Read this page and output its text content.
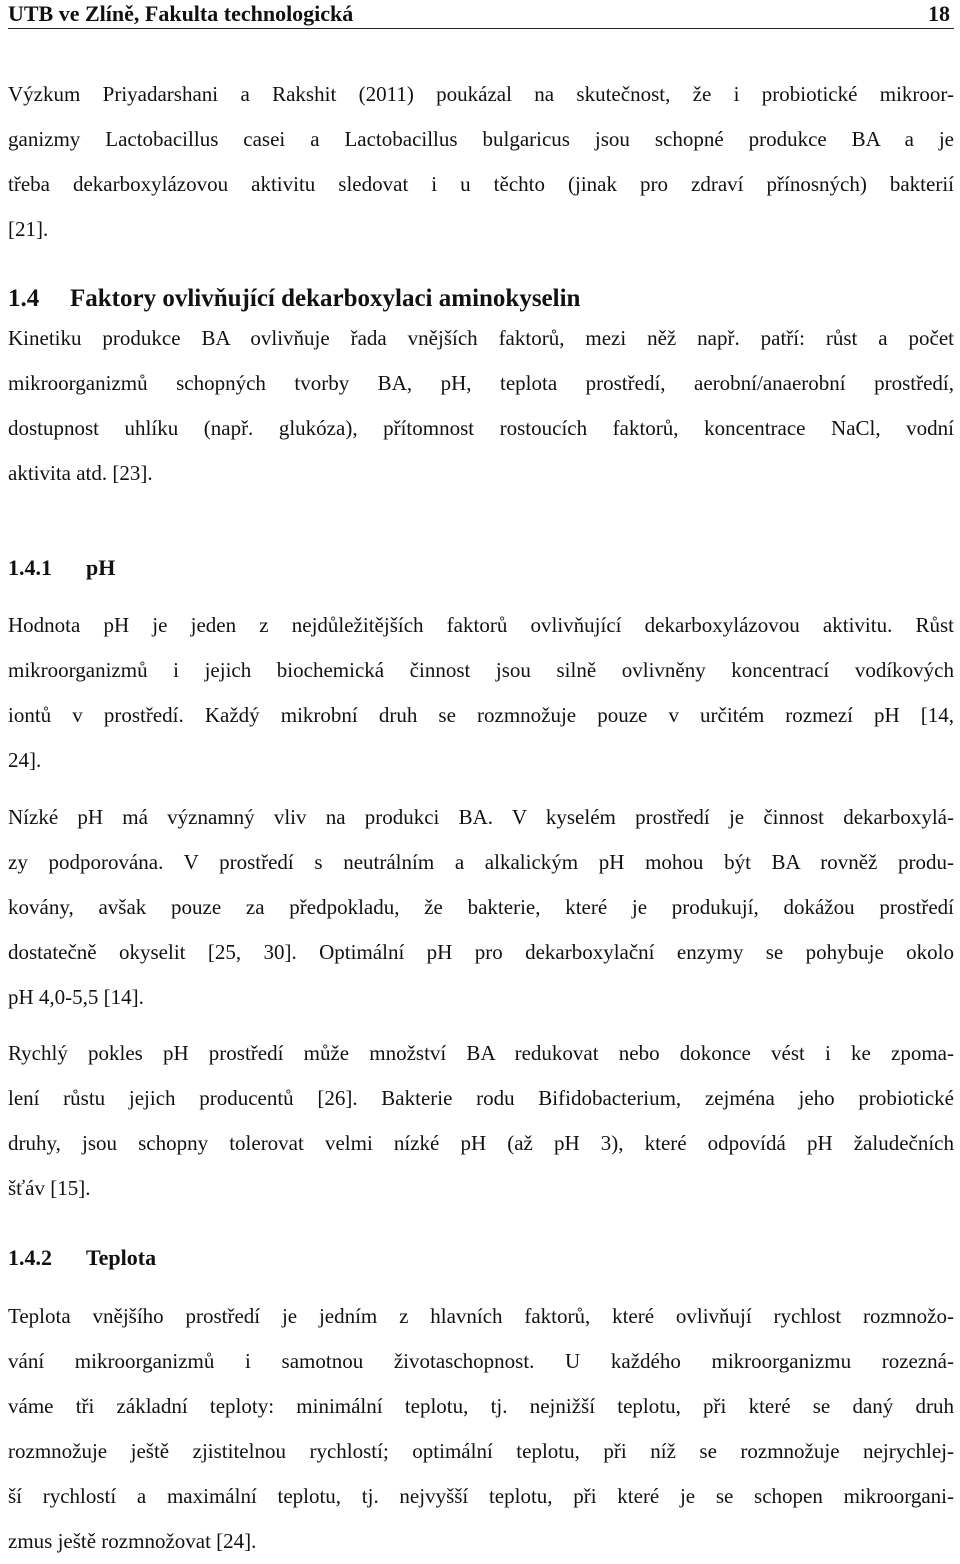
UTB ve Zlíně, Fakulta technologická	18
Výzkum Priyadarshani a Rakshit (2011) poukázal na skutečnost, že i probiotické mikroor-
ganizmy Lactobacillus casei a Lactobacillus bulgaricus jsou schopné produkce BA a je
třeba dekarboxylázovou aktivitu sledovat i u těchto (jinak pro zdraví přínosných) bakterií
[21].
1.4 Faktory ovlivňující dekarboxylaci aminokyselin
Kinetiku produkce BA ovlivňuje řada vnějších faktorů, mezi něž např. patří: růst a počet
mikroorganizmů schopných tvorby BA, pH, teplota prostředí, aerobní/anaerobní prostředí,
dostupnost uhlíku (např. glukóza), přítomnost rostoucích faktorů, koncentrace NaCl, vodní
aktivita atd. [23].
1.4.1 pH
Hodnota pH je jeden z nejdůležitějších faktorů ovlivňující dekarboxylázovou aktivitu. Růst
mikroorganizmů i jejich biochemická činnost jsou silně ovlivněny koncentrací vodíkových
iontů v prostředí. Každý mikrobní druh se rozmnožuje pouze v určitém rozmezí pH [14,
24].
Nízké pH má významný vliv na produkci BA. V kyselém prostředí je činnost dekarboxylá-
zy podporována. V prostředí s neutrálním a alkalickým pH mohou být BA rovněž produ-
kovány, avšak pouze za předpokladu, že bakterie, které je produkují, dokážou prostředí
dostatečně okyselit [25, 30]. Optimální pH pro dekarboxylační enzymy se pohybuje okolo
pH 4,0-5,5 [14].
Rychlý pokles pH prostředí může množství BA redukovat nebo dokonce vést i ke zpoma-
lení růstu jejich producentů [26]. Bakterie rodu Bifidobacterium, zejména jeho probiotické
druhy, jsou schopny tolerovat velmi nízké pH (až pH 3), které odpovídá pH žaludečních
šťáv [15].
1.4.2 Teplota
Teplota vnějšího prostředí je jedním z hlavních faktorů, které ovlivňují rychlost rozmnožo-
vání mikroorganizmů i samotnou životaschopnost. U každého mikroorganizmu rozezná-
váme tři základní teploty: minimální teplotu, tj. nejnižší teplotu, při které se daný druh
rozmnožuje ještě zjistitelnou rychlostí; optimální teplotu, při níž se rozmnožuje nejrychlej-
ší rychlostí a maximální teplotu, tj. nejvyšší teplotu, při které je se schopen mikroorgani-
zmus ještě rozmnožovat [24].
